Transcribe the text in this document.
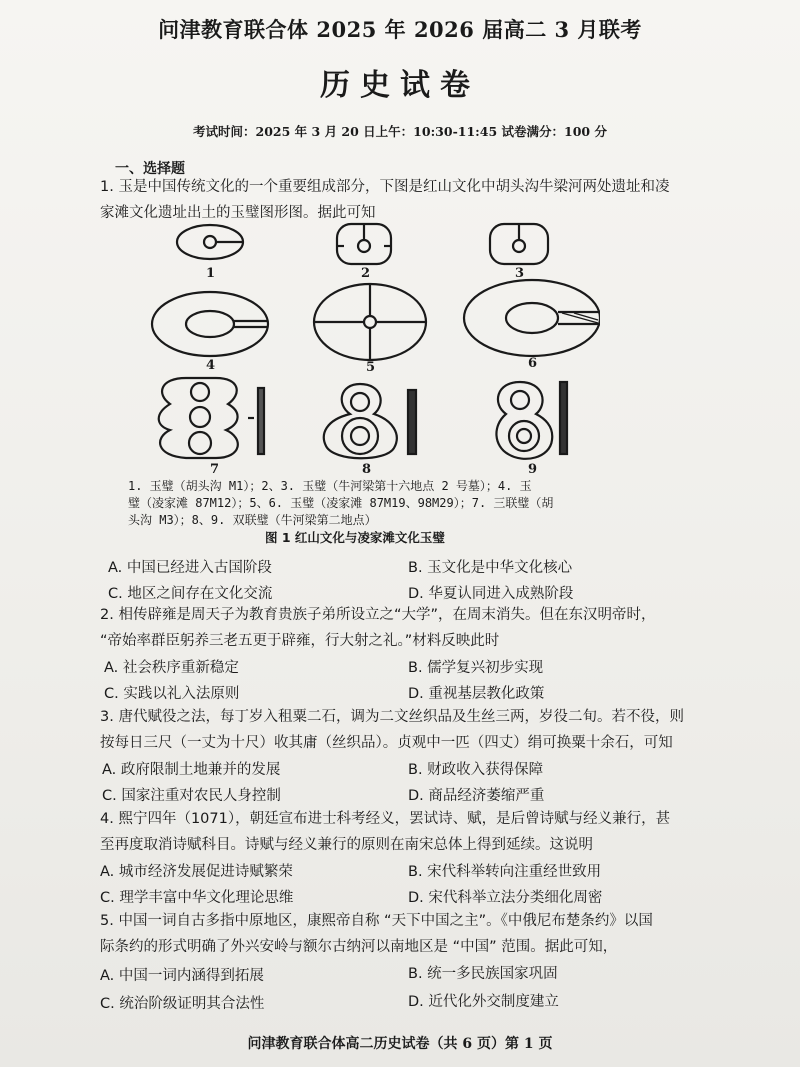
问津教育联合体 2025 年 2026 届高二 3 月联考
历史试卷
考试时间：2025 年 3 月 20 日上午：10:30-11:45 试卷满分：100 分
一、选择题
1. 玉是中国传统文化的一个重要组成部分，下图是红山文化中胡头沟牛梁河两处遗址和凌
家滩文化遗址出土的玉璧图形图。据此可知
1	2	3
4	5	6
7	8	9
1. 玉璧（胡头沟 M1）；2、3. 玉璧（牛河梁第十六地点 2 号墓）；4. 玉
璧（凌家滩 87M12）；5、6. 玉璧（凌家滩 87M19、98M29）；7. 三联璧（胡
头沟 M3）；8、9. 双联璧（牛河梁第二地点）
图 1 红山文化与凌家滩文化玉璧
A. 中国已经进入古国阶段	B. 玉文化是中华文化核心
C. 地区之间存在文化交流	D. 华夏认同进入成熟阶段
2. 相传辟雍是周天子为教育贵族子弟所设立之“大学”，在周末消失。但在东汉明帝时，
“帝始率群臣躬养三老五更于辟雍，行大射之礼。”材料反映此时
A. 社会秩序重新稳定	B. 儒学复兴初步实现
C. 实践以礼入法原则	D. 重视基层教化政策
3. 唐代赋役之法，每丁岁入租粟二石，调为二文丝织品及生丝三两，岁役二旬。若不役，则
按每日三尺（一丈为十尺）收其庸（丝织品）。贞观中一匹（四丈）绢可换粟十余石，可知
A. 政府限制土地兼并的发展	B. 财政收入获得保障
C. 国家注重对农民人身控制	D. 商品经济萎缩严重
4. 熙宁四年（1071），朝廷宣布进士科考经义，罢试诗、赋，是后曾诗赋与经义兼行，甚
至再度取消诗赋科目。诗赋与经义兼行的原则在南宋总体上得到延续。这说明
A. 城市经济发展促进诗赋繁荣	B. 宋代科举转向注重经世致用
C. 理学丰富中华文化理论思维	D. 宋代科举立法分类细化周密
5. 中国一词自古多指中原地区，康熙帝自称 “天下中国之主”。《中俄尼布楚条约》以国
际条约的形式明确了外兴安岭与额尔古纳河以南地区是 “中国” 范围。据此可知，
A. 中国一词内涵得到拓展	B. 统一多民族国家巩固
C. 统治阶级证明其合法性	D. 近代化外交制度建立
问津教育联合体高二历史试卷（共 6 页）第 1 页
